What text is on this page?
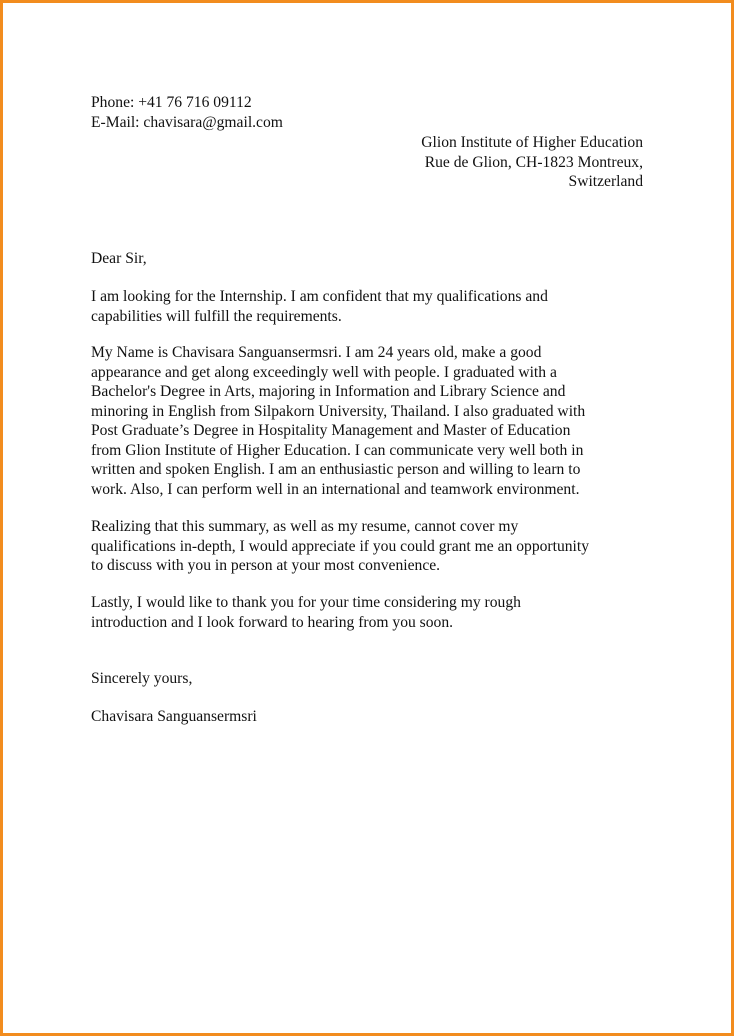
Phone: +41 76 716 09112
E-Mail: chavisara@gmail.com
Glion Institute of Higher Education
Rue de Glion, CH-1823 Montreux,
Switzerland
Dear Sir,
I am looking for the Internship. I am confident that my qualifications and
capabilities will fulfill the requirements.
My Name is Chavisara Sanguansermsri. I am 24 years old, make a good
appearance and get along exceedingly well with people. I graduated with a
Bachelor's Degree in Arts, majoring in Information and Library Science and
minoring in English from Silpakorn University, Thailand. I also graduated with
Post Graduate’s Degree in Hospitality Management and Master of Education
from Glion Institute of Higher Education. I can communicate very well both in
written and spoken English. I am an enthusiastic person and willing to learn to
work. Also, I can perform well in an international and teamwork environment.
Realizing that this summary, as well as my resume, cannot cover my
qualifications in-depth, I would appreciate if you could grant me an opportunity
to discuss with you in person at your most convenience.
Lastly, I would like to thank you for your time considering my rough
introduction and I look forward to hearing from you soon.
Sincerely yours,
Chavisara Sanguansermsri
